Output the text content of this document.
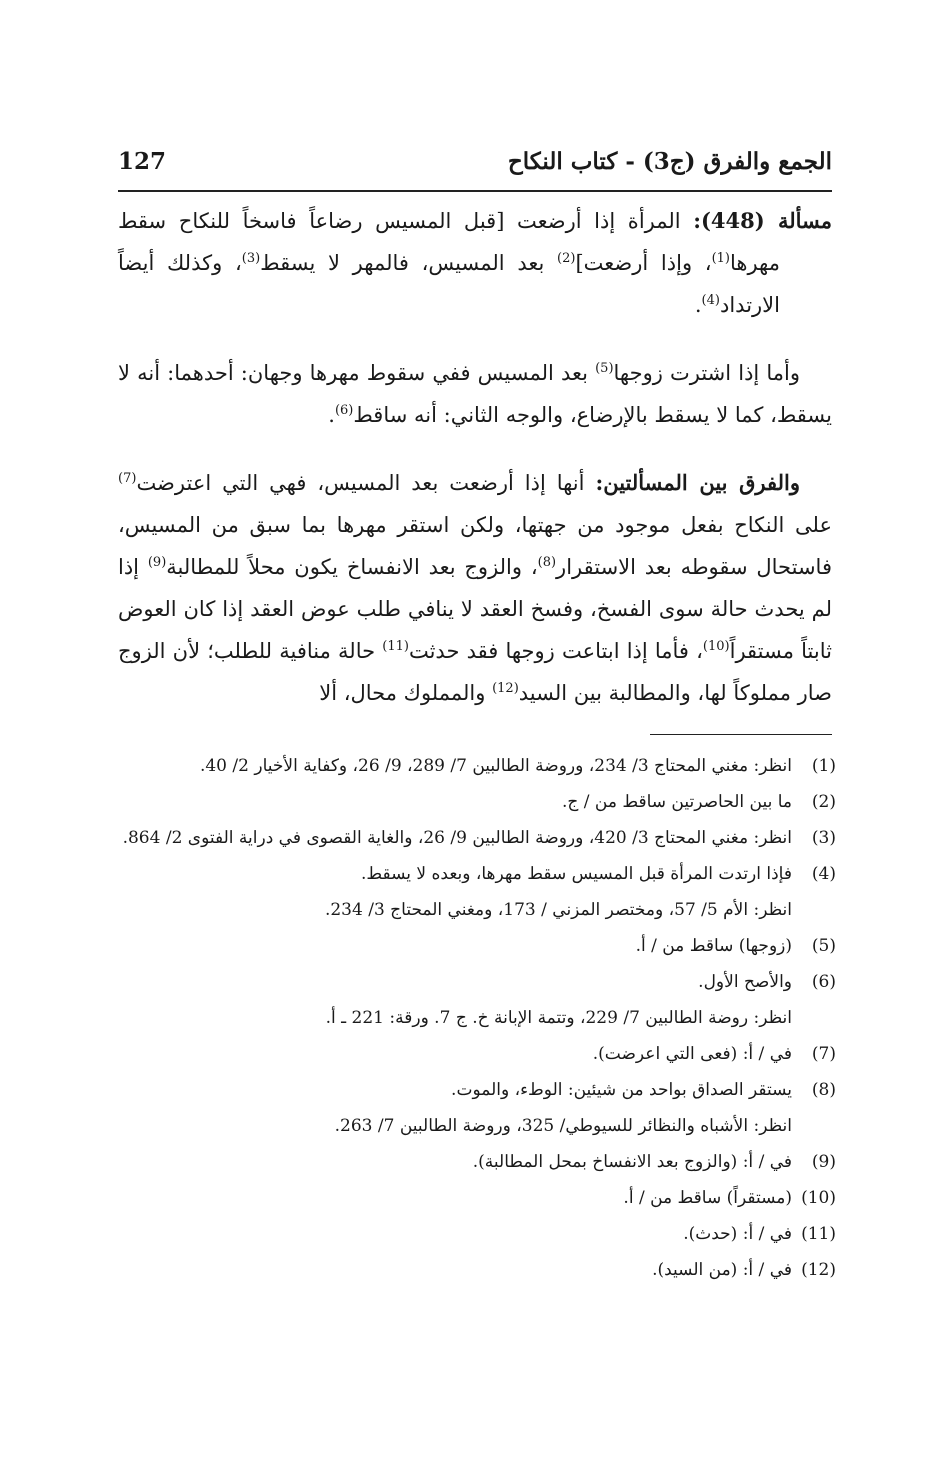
الجمع والفرق (ج3) - كتاب النكاح
127

مسألة (448): المرأة إذا أرضعت [قبل المسيس رضاعاً فاسخاً للنكاح سقط مهرها$^{(1)}$، وإذا أرضعت]$^{(2)}$ بعد المسيس، فالمهر لا يسقط$^{(3)}$، وكذلك أيضاً الارتداد$^{(4)}$.

وأما إذا اشترت زوجها$^{(5)}$ بعد المسيس ففي سقوط مهرها وجهان: أحدهما: أنه لا يسقط، كما لا يسقط بالإرضاع، والوجه الثاني: أنه ساقط$^{(6)}$.

والفرق بين المسألتين: أنها إذا أرضعت بعد المسيس، فهي التي اعترضت$^{(7)}$ على النكاح بفعل موجود من جهتها، ولكن استقر مهرها بما سبق من المسيس، فاستحال سقوطه بعد الاستقرار$^{(8)}$، والزوج بعد الانفساخ يكون محلاً للمطالبة$^{(9)}$ إذا لم يحدث حالة سوى الفسخ، وفسخ العقد لا ينافي طلب عوض العقد إذا كان العوض ثابتاً مستقراً$^{(10)}$، فأما إذا ابتاعت زوجها فقد حدثت$^{(11)}$ حالة منافية للطلب؛ لأن الزوج صار مملوكاً لها، والمطالبة بين السيد$^{(12)}$ والمملوك محال، ألا

(1)
انظر: مغني المحتاج 3/ 234، وروضة الطالبين 7/ 289، 9/ 26، وكفاية الأخيار 2/ 40.
(2)
ما بين الحاصرتين ساقط من / ج.
(3)
انظر: مغني المحتاج 3/ 420، وروضة الطالبين 9/ 26، والغاية القصوى في دراية الفتوى 2/ 864.
(4)
فإذا ارتدت المرأة قبل المسيس سقط مهرها، وبعده لا يسقط.
انظر: الأم 5/ 57، ومختصر المزني / 173، ومغني المحتاج 3/ 234.
(5)
(زوجها) ساقط من / أ.
(6)
والأصح الأول.
انظر: روضة الطالبين 7/ 229، وتتمة الإبانة خ. ج 7. ورقة: 221 ـ أ.
(7)
في / أ: (فعى التي اعرضت).
(8)
يستقر الصداق بواحد من شيئين: الوطء، والموت.
انظر: الأشباه والنظائر للسيوطي/ 325، وروضة الطالبين 7/ 263.
(9)
في / أ: (والزوج بعد الانفساخ بمحل المطالبة).
(10)
(مستقراً) ساقط من / أ.
(11)
في / أ: (حدث).
(12)
في / أ: (من السيد).
